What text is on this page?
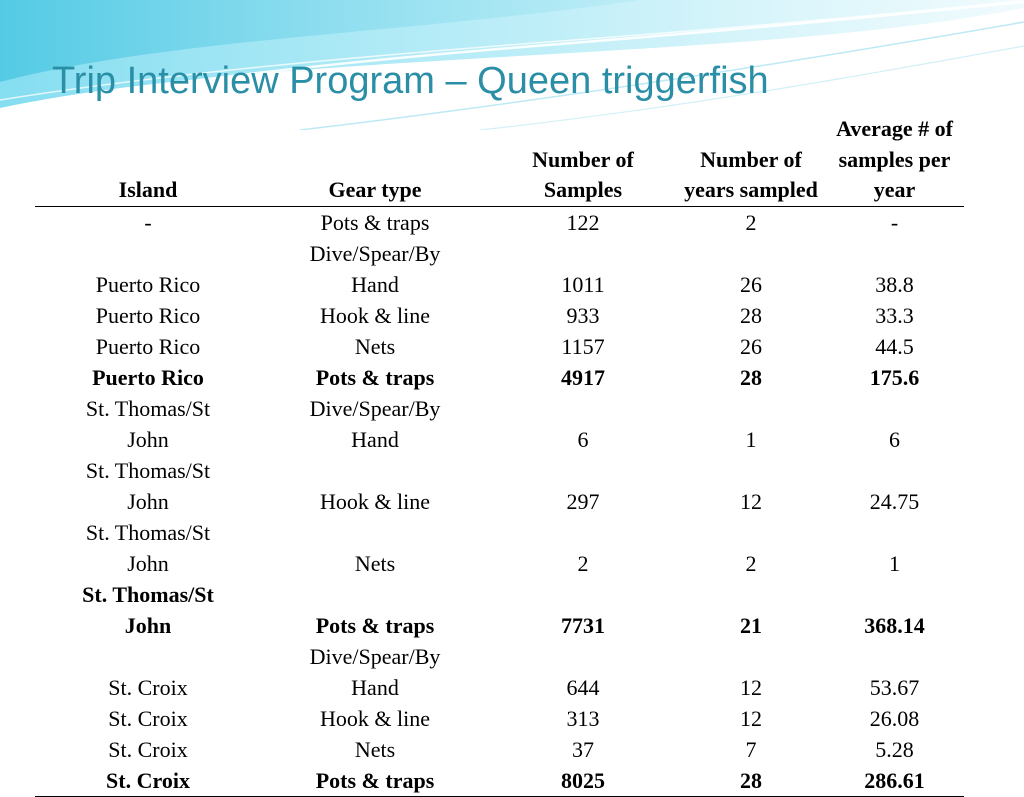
Trip Interview Program – Queen triggerfish
Island	Gear type	Number of Samples	Number of years sampled	Average # of samples per year

-	Pots & traps	122	2	-

Puerto Rico	Dive/Spear/By Hand	1011	26	38.8

Puerto Rico	Hook & line	933	28	33.3

Puerto Rico	Nets	1157	26	44.5

Puerto Rico	Pots & traps	4917	28	175.6

St. Thomas/St John	Dive/Spear/By Hand	6	1	6

St. Thomas/St John	Hook & line	297	12	24.75

St. Thomas/St John	Nets	2	2	1

St. Thomas/St John	Pots & traps	7731	21	368.14

St. Croix	Dive/Spear/By Hand	644	12	53.67

St. Croix	Hook & line	313	12	26.08

St. Croix	Nets	37	7	5.28

St. Croix	Pots & traps	8025	28	286.61
